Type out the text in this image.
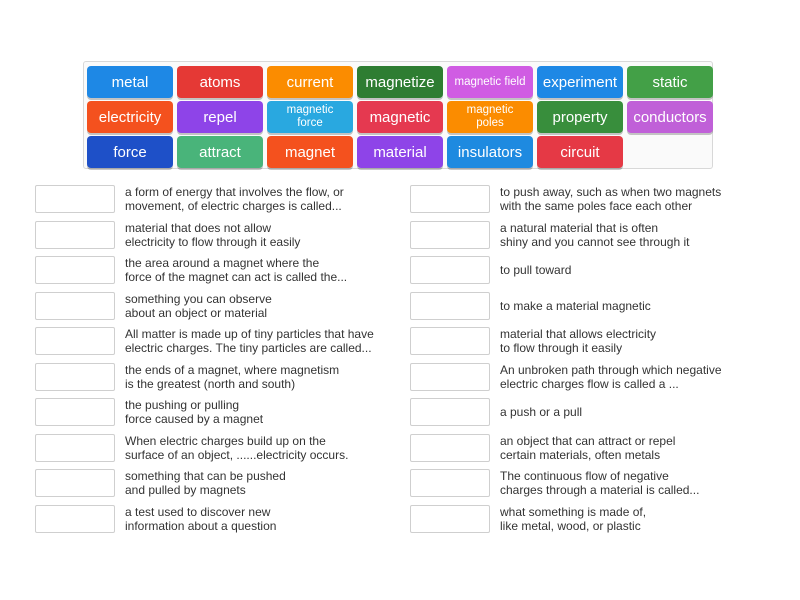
metal	atoms	current	magnetize	magnetic field	experiment	static
electricity	repel	magnetic force	magnetic	magnetic poles	property	conductors
force	attract	magnet	material	insulators	circuit
a form of energy that involves the flow, or
movement, of electric charges is called...
material that does not allow
electricity to flow through it easily
the area around a magnet where the
force of the magnet can act is called the...
something you can observe
about an object or material
All matter is made up of tiny particles that have
electric charges. The tiny particles are called...
the ends of a magnet, where magnetism
is the greatest (north and south)
the pushing or pulling
force caused by a magnet
When electric charges build up on the
surface of an object, ......electricity occurs.
something that can be pushed
and pulled by magnets
a test used to discover new
information about a question
to push away, such as when two magnets
with the same poles face each other
a natural material that is often
shiny and you cannot see through it
to pull toward
to make a material magnetic
material that allows electricity
to flow through it easily
An unbroken path through which negative
electric charges flow is called a ...
a push or a pull
an object that can attract or repel
certain materials, often metals
The continuous flow of negative
charges through a material is called...
what something is made of,
like metal, wood, or plastic
